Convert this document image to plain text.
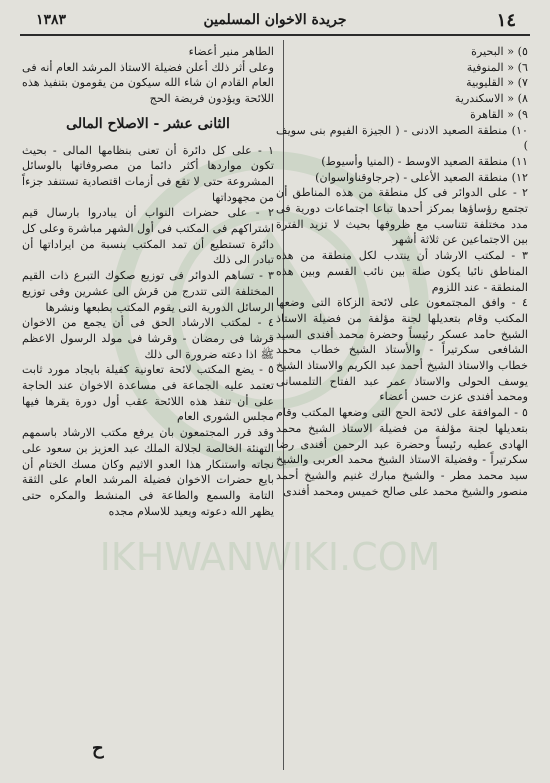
IKHWANWIKI.COM
١٤
جريدة الاخوان المسلمين
١٣٨٣

٥) « البحيرة

٦) « المنوفية

٧) « القليوبية

٨) « الاسكندرية

٩) « القاهرة

١٠) منطقة الصعيد الادنى - ( الجيزة الفيوم بنى سويف )

١١) منطقة الصعيد الاوسط - (المنيا وأسيوط)

١٢) منطقة الصعيد الأعلى - (جرجاوقناواسوان)

٢ - على الدوائر فى كل منطقة من هذه المناطق أن تجتمع رؤساؤها بمركز أحدها تباعا اجتماعات دورية فى مدد مختلفة تتناسب مع ظروفها بحيث لا تزيد الفترة بين الاجتماعين عن ثلاثة أشهر

٣ - لمكتب الارشاد أن ينتدب لكل منطقة من هذه المناطق نائبا يكون صلة بين نائب القسم وبين هذه المنطقة - عند اللزوم

٤ - وافق المجتمعون على لائحة الزكاة التى وضعها المكتب وقام بتعديلها لجنة مؤلفة من فضيلة الاستاذ الشيخ حامد عسكر رئيساً وحضرة محمد أفندى السيد الشافعى سكرتيراً - والأستاذ الشيخ خطاب محمد خطاب والاستاذ الشيخ أحمد عبد الكريم والاستاذ الشيخ يوسف الحولى والاستاذ عمر عبد الفتاح التلمسانى ومحمد أفندى عزت حسن أعضاء

٥ - الموافقة على لائحة الحج التى وضعها المكتب وقام بتعديلها لجنة مؤلفة من فضيلة الاستاذ الشيخ محمد الهادى عطيه رئيساً وحضرة عبد الرحمن أفندى رضا سكرتيراً - وفضيلة الاستاذ الشيخ محمد العربى والشيخ سيد محمد مطر - والشيخ مبارك غنيم والشيخ أحمد منصور والشيخ محمد على صالح خميس ومحمد أفندى

الطاهر منير أعضاء

وعلى أثر ذلك أعلن فضيلة الاستاذ المرشد العام أنه فى العام القادم ان شاء الله سيكون من يقومون بتنفيذ هذه اللائحة ويؤدون فريضة الحج

الثانى عشر - الاصلاح المالى

١ - على كل دائرة أن تعنى بنظامها المالى - بحيث تكون مواردها أكثر دائما من مصروفاتها بالوسائل المشروعة حتى لا تقع فى أزمات اقتصادية تستنفد جزءاً من مجهوداتها

٢ - على حضرات النواب أن يبادروا بارسال قيم اشتراكهم فى المكتب فى أول الشهر مباشرة وعلى كل دائرة تستطيع أن تمد المكتب بنسبة من ايراداتها أن تبادر الى ذلك

٣ - تساهم الدوائر فى توزيع صكوك التبرع ذات القيم المختلفة التى تتدرج من قرش الى عشرين وفى توزيع الرسائل الدورية التى يقوم المكتب بطبعها ونشرها

٤ - لمكتب الارشاد الحق فى أن يجمع من الاخوان قرشا فى رمضان - وقرشا فى مولد الرسول الاعظم ﷺ اذا دعته ضرورة الى ذلك

٥ - يضع المكتب لائحة تعاونية كفيلة بايجاد مورد ثابت تعتمد عليه الجماعة فى مساعدة الاخوان عند الحاجة على أن تنفذ هذه اللائحة عقب أول دورة يقرها فيها مجلس الشورى العام

وقد قرر المجتمعون بان يرفع مكتب الارشاد باسمهم التهنئة الخالصة لجلالة الملك عبد العزيز بن سعود على نجاته واستنكار هذا العدو الاثيم وكان مسك الختام أن بايع حضرات الاخوان فضيلة المرشد العام على الثقة التامة والسمع والطاعة فى المنشط والمكره حتى يظهر الله دعوته ويعيد للاسلام مجده

ح
